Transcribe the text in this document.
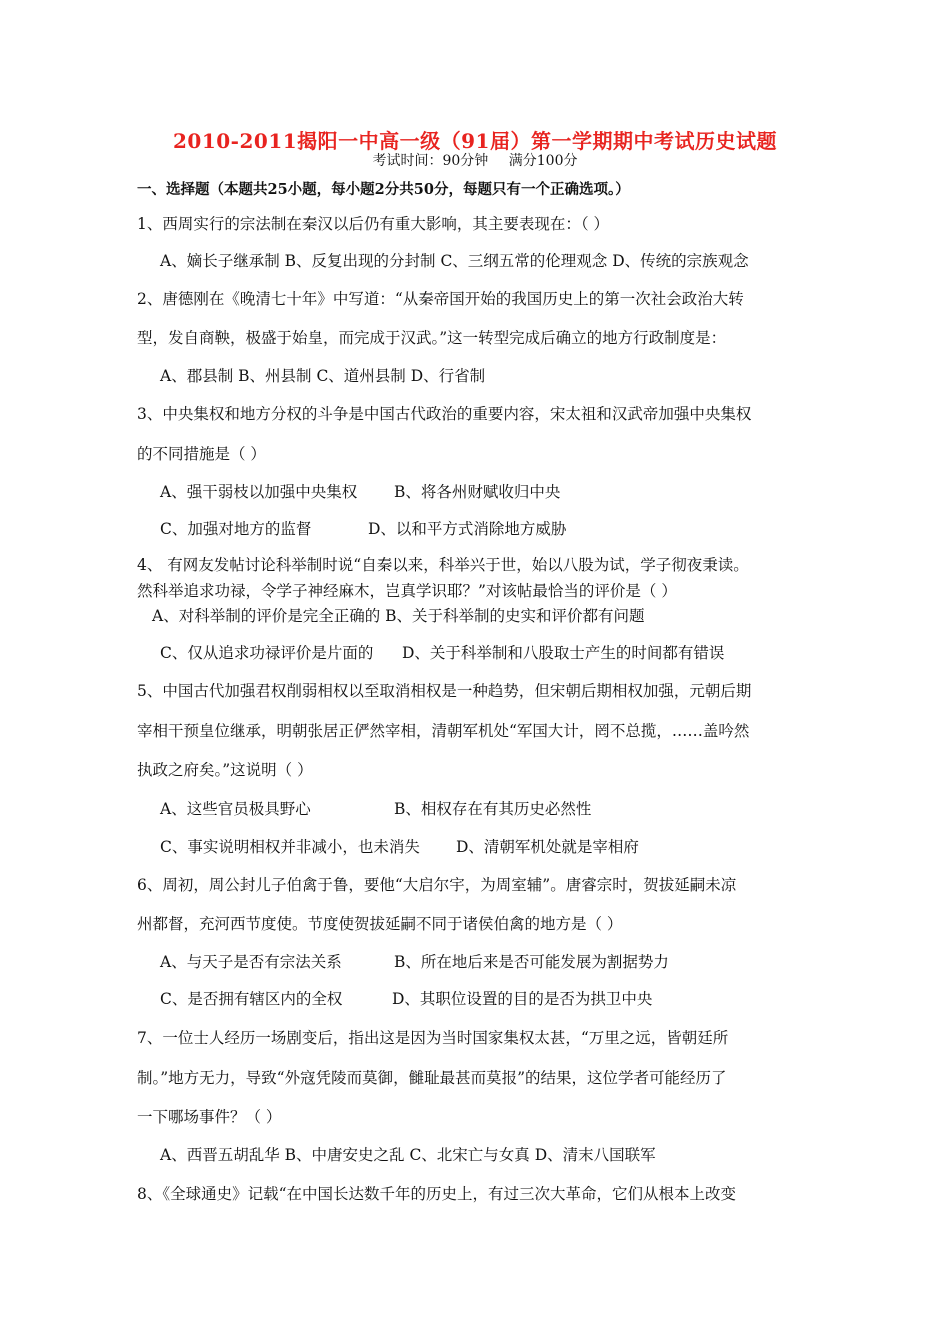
2010-2011揭阳一中高一级（91届）第一学期期中考试历史试题
考试时间：90分钟 满分100分
一、选择题（本题共25小题，每小题2分共50分，每题只有一个正确选项。）
1、西周实行的宗法制在秦汉以后仍有重大影响，其主要表现在：（ ）
A、嫡长子继承制 B、反复出现的分封制 C、三纲五常的伦理观念 D、传统的宗族观念
2、唐德刚在《晚清七十年》中写道：“从秦帝国开始的我国历史上的第一次社会政治大转
型，发自商鞅，极盛于始皇，而完成于汉武。”这一转型完成后确立的地方行政制度是：
A、郡县制 B、州县制 C、道州县制 D、行省制
3、中央集权和地方分权的斗争是中国古代政治的重要内容，宋太祖和汉武帝加强中央集权
的不同措施是（ ）
A、强干弱枝以加强中央集权 B、将各州财赋收归中央
C、加强对地方的监督	D、以和平方式消除地方威胁
4、 有网友发帖讨论科举制时说“自秦以来，科举兴于世，始以八股为试，学子彻夜秉读。
然科举追求功禄，令学子神经麻木，岂真学识耶？”对该帖最恰当的评价是（ ）
A、对科举制的评价是完全正确的 B、关于科举制的史实和评价都有问题
C、仅从追求功禄评价是片面的 D、关于科举制和八股取士产生的时间都有错误
5、中国古代加强君权削弱相权以至取消相权是一种趋势，但宋朝后期相权加强，元朝后期
宰相干预皇位继承，明朝张居正俨然宰相，清朝军机处“军国大计，罔不总揽，……盖吟然
执政之府矣。”这说明（ ）
A、这些官员极具野心	B、相权存在有其历史必然性
C、事实说明相权并非减小，也未消失 D、清朝军机处就是宰相府
6、周初，周公封儿子伯禽于鲁，要他“大启尔宇，为周室辅”。唐睿宗时，贺拔延嗣未凉
州都督，充河西节度使。节度使贺拔延嗣不同于诸侯伯禽的地方是（ ）
A、与天子是否有宗法关系	B、所在地后来是否可能发展为割据势力
C、是否拥有辖区内的全权	D、其职位设置的目的是否为拱卫中央
7、一位士人经历一场剧变后，指出这是因为当时国家集权太甚，“万里之远，皆朝廷所
制。”地方无力，导致“外寇凭陵而莫御，雠耻最甚而莫报”的结果，这位学者可能经历了
一下哪场事件？（ ）
A、西晋五胡乱华 B、中唐安史之乱 C、北宋亡与女真 D、清末八国联军
8、《全球通史》记载“在中国长达数千年的历史上，有过三次大革命，它们从根本上改变
